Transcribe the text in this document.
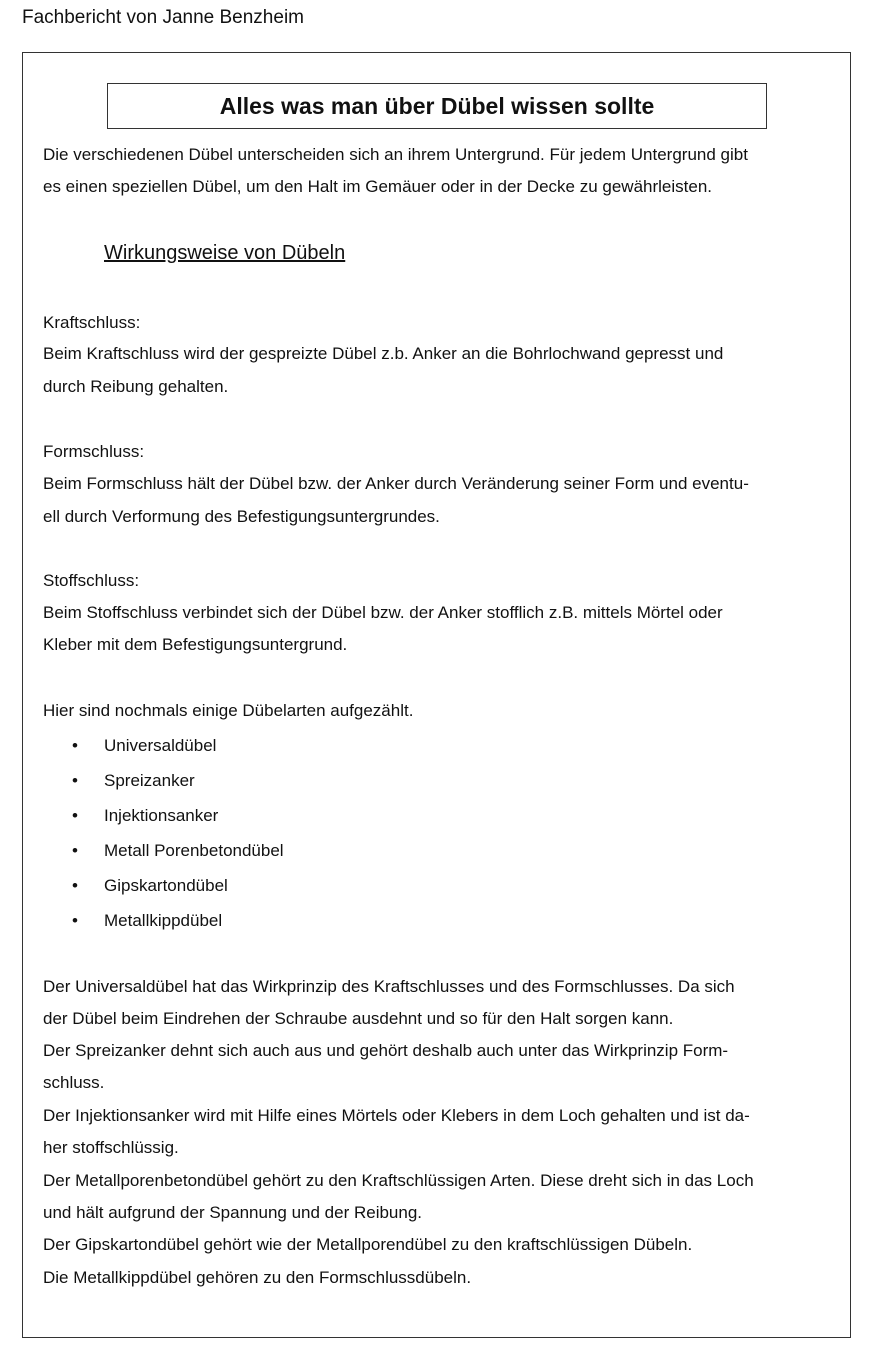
Fachbericht von Janne Benzheim
Alles was man über Dübel wissen sollte
Die verschiedenen Dübel unterscheiden sich an ihrem Untergrund. Für jedem Untergrund gibt
es einen speziellen Dübel, um den Halt im Gemäuer oder in der Decke zu gewährleisten.
Wirkungsweise von Dübeln
Kraftschluss:
Beim Kraftschluss wird der gespreizte Dübel z.b. Anker an die Bohrlochwand gepresst und
durch Reibung gehalten.
Formschluss:
Beim Formschluss hält der Dübel bzw. der Anker durch Veränderung seiner Form und eventu-
ell durch Verformung des Befestigungsuntergrundes.
Stoffschluss:
Beim Stoffschluss verbindet sich der Dübel bzw. der Anker stofflich z.B. mittels Mörtel oder
Kleber mit dem Befestigungsuntergrund.
Hier sind nochmals einige Dübelarten aufgezählt.
• Universaldübel
• Spreizanker
• Injektionsanker
• Metall Porenbetondübel
• Gipskartondübel
• Metallkippdübel
Der Universaldübel hat das Wirkprinzip des Kraftschlusses und des Formschlusses. Da sich
der Dübel beim Eindrehen der Schraube ausdehnt und so für den Halt sorgen kann.
Der Spreizanker dehnt sich auch aus und gehört deshalb auch unter das Wirkprinzip Form-
schluss.
Der Injektionsanker wird mit Hilfe eines Mörtels oder Klebers in dem Loch gehalten und ist da-
her stoffschlüssig.
Der Metallporenbetondübel gehört zu den Kraftschlüssigen Arten. Diese dreht sich in das Loch
und hält aufgrund der Spannung und der Reibung.
Der Gipskartondübel gehört wie der Metallporendübel zu den kraftschlüssigen Dübeln.
Die Metallkippdübel gehören zu den Formschlussdübeln.
